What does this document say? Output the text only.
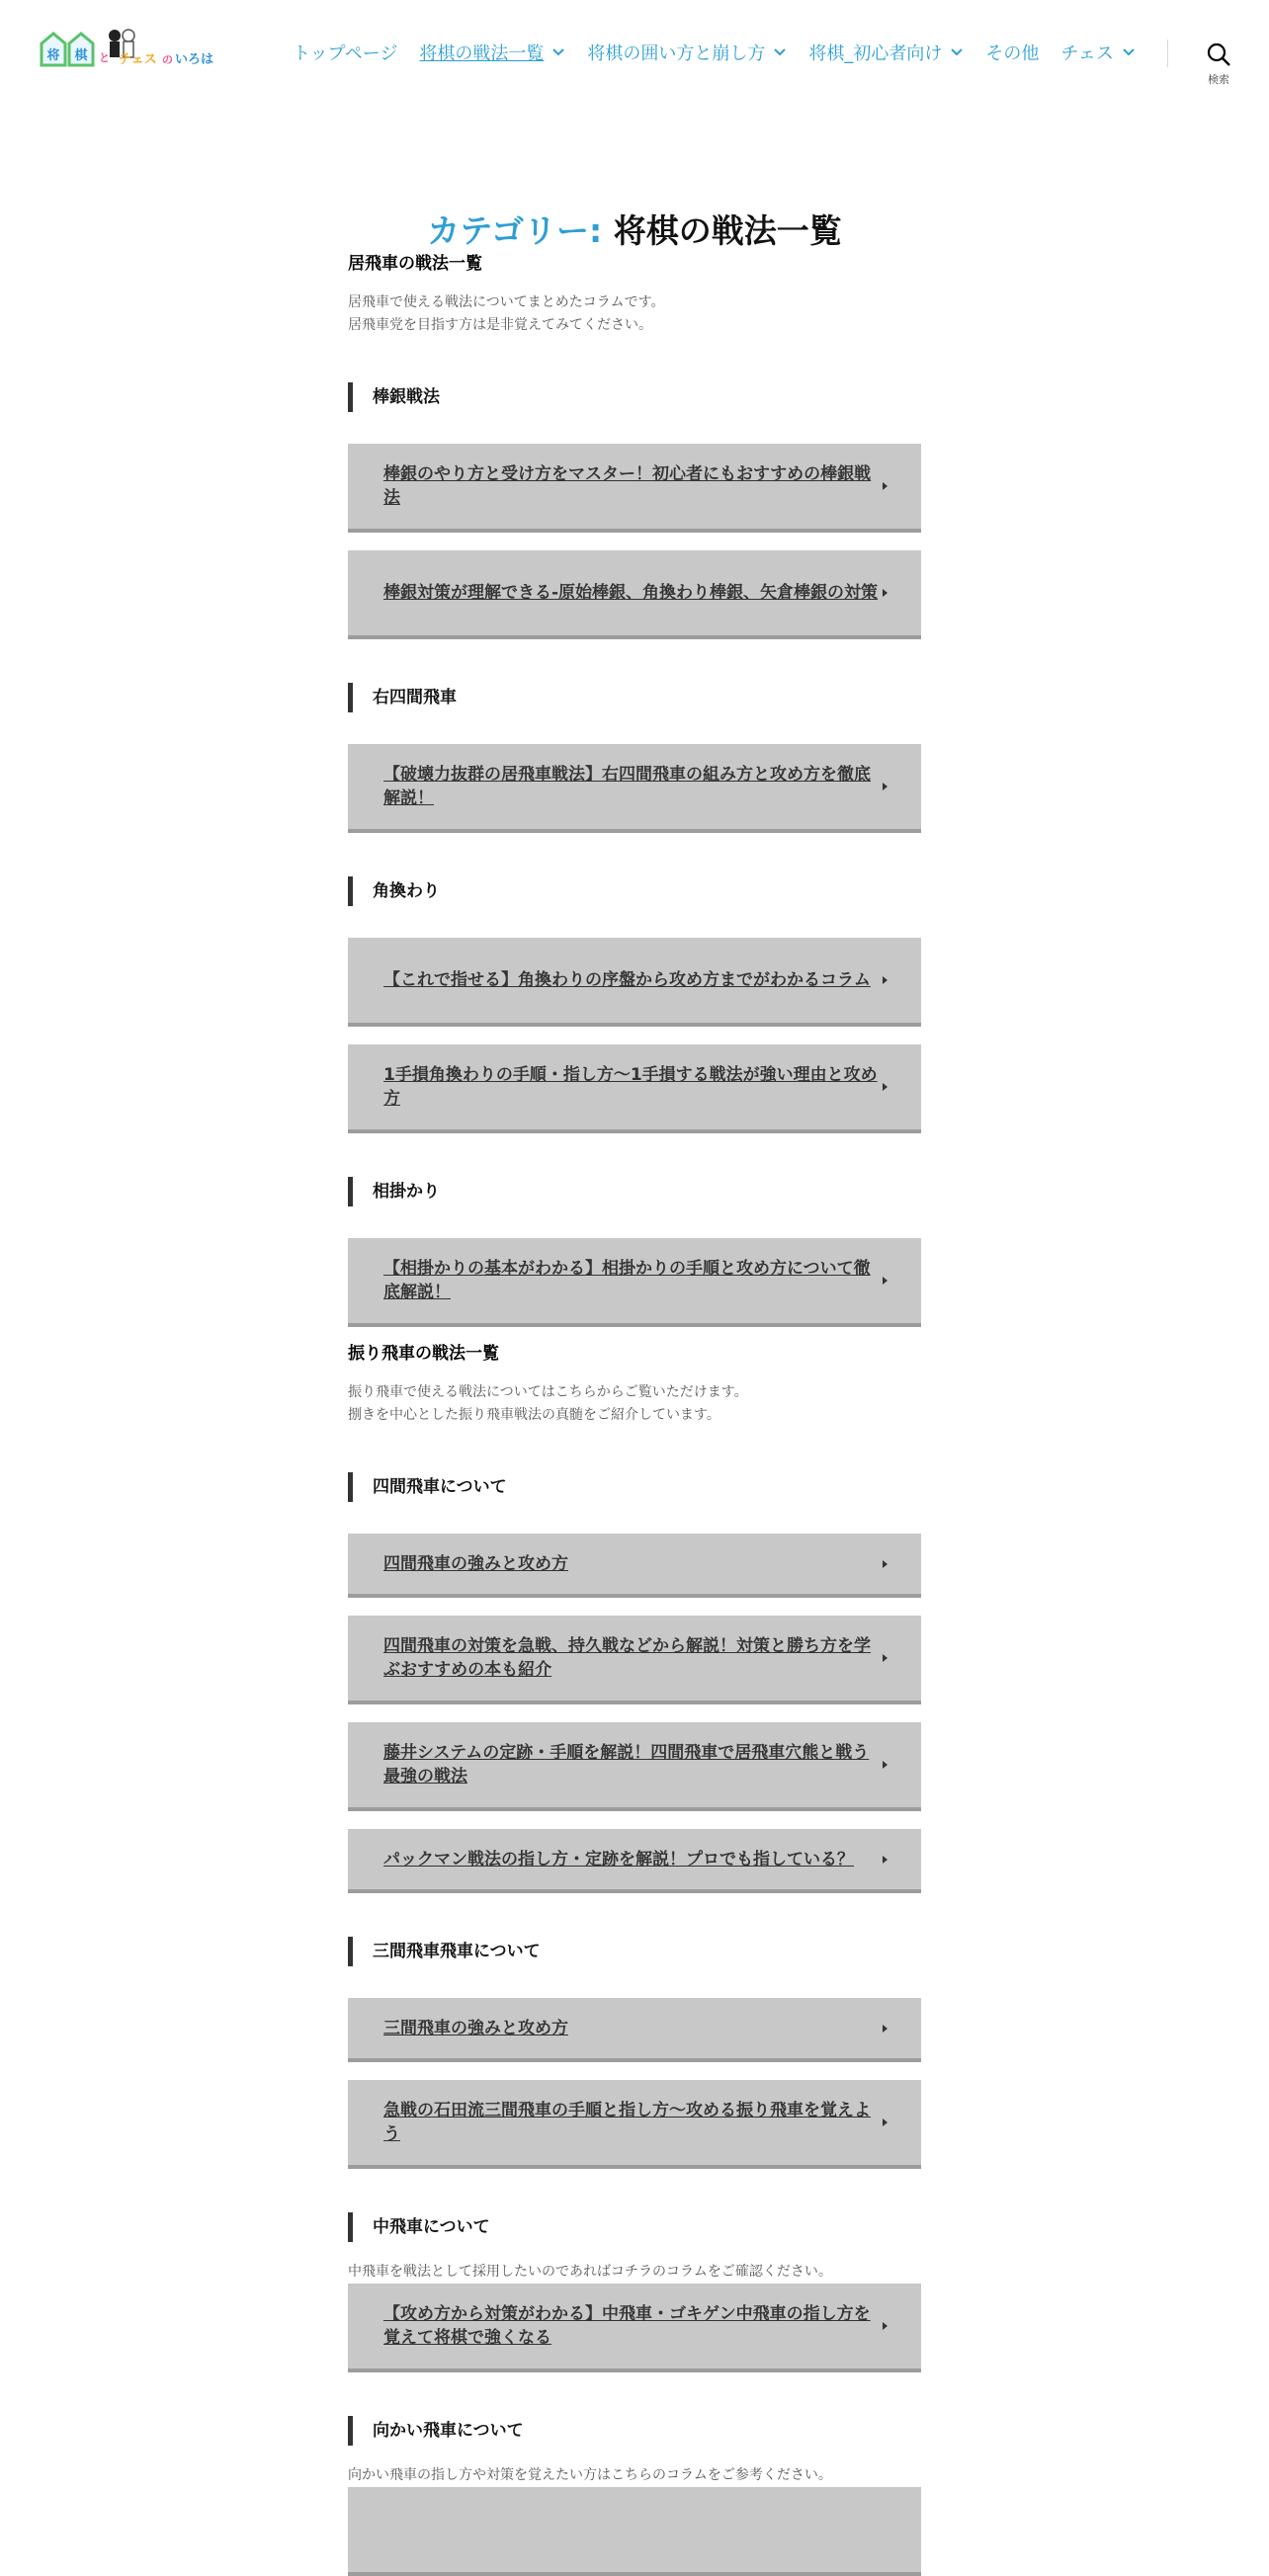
将 棋 と チェス の いろは	トップページ 将棋の戦法一覧 将棋の囲い方と崩し方 将棋_初心者向け その他 チェス
検索
カテゴリー: 将棋の戦法一覧
居飛車の戦法一覧

居飛車で使える戦法についてまとめたコラムです。

居飛車党を目指す方は是非覚えてみてください。

棒銀戦法
棒銀のやり方と受け方をマスター！初心者にもおすすめの棒銀戦法
棒銀対策が理解できる-原始棒銀、角換わり棒銀、矢倉棒銀の対策
右四間飛車
【破壊力抜群の居飛車戦法】右四間飛車の組み方と攻め方を徹底解説！
角換わり
【これで指せる】角換わりの序盤から攻め方までがわかるコラム
1手損角換わりの手順・指し方〜1手損する戦法が強い理由と攻め方
相掛かり
【相掛かりの基本がわかる】相掛かりの手順と攻め方について徹底解説！
振り飛車の戦法一覧

振り飛車で使える戦法についてはこちらからご覧いただけます。

捌きを中心とした振り飛車戦法の真髄をご紹介しています。

四間飛車について
四間飛車の強みと攻め方
四間飛車の対策を急戦、持久戦などから解説！対策と勝ち方を学ぶおすすめの本も紹介
藤井システムの定跡・手順を解説！四間飛車で居飛車穴熊と戦う最強の戦法
パックマン戦法の指し方・定跡を解説！プロでも指している？
三間飛車飛車について
三間飛車の強みと攻め方
急戦の石田流三間飛車の手順と指し方～攻める振り飛車を覚えよう
中飛車について

中飛車を戦法として採用したいのであればコチラのコラムをご確認ください。

【攻め方から対策がわかる】中飛車・ゴキゲン中飛車の指し方を覚えて将棋で強くなる
向かい飛車について

向かい飛車の指し方や対策を覚えたい方はこちらのコラムをご参考ください。
